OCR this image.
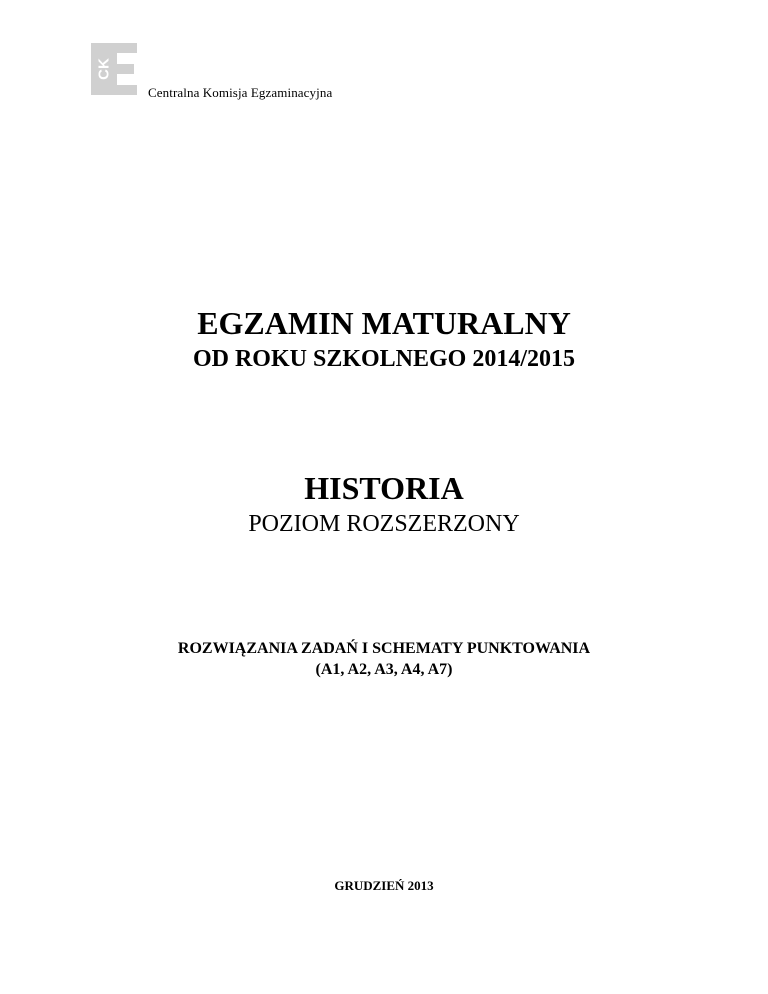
CK
Centralna Komisja Egzaminacyjna
EGZAMIN MATURALNY
OD ROKU SZKOLNEGO 2014/2015
HISTORIA
POZIOM ROZSZERZONY
ROZWIĄZANIA ZADAŃ I SCHEMATY PUNKTOWANIA
(A1, A2, A3, A4, A7)
GRUDZIEŃ 2013
